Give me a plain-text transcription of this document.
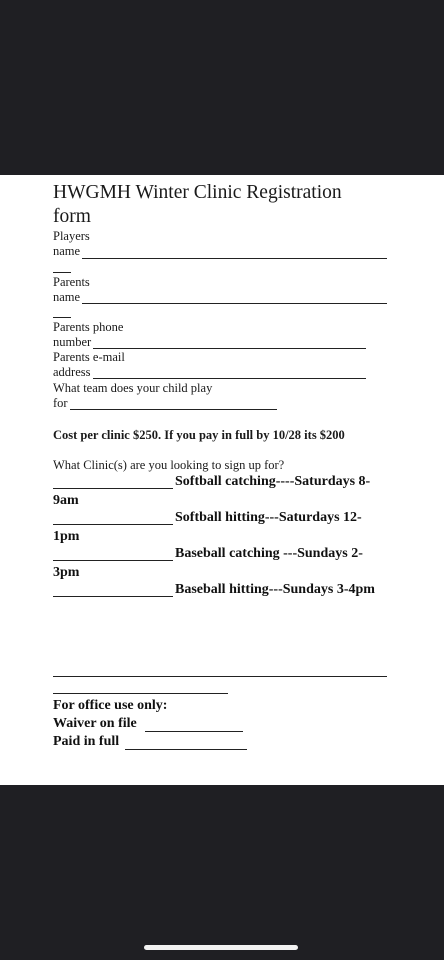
HWGMH Winter Clinic Registration
form
Players
name
Parents
name
Parents phone
number
Parents e-mail
address
What team does your child play
for
Cost per clinic $250. If you pay in full by 10/28 its $200
What Clinic(s) are you looking to sign up for?
Softball catching----Saturdays 8-
9am
Softball hitting---Saturdays 12-
1pm
Baseball catching ---Sundays 2-
3pm
Baseball hitting---Sundays 3-4pm
For office use only:
Waiver on file
Paid in full
